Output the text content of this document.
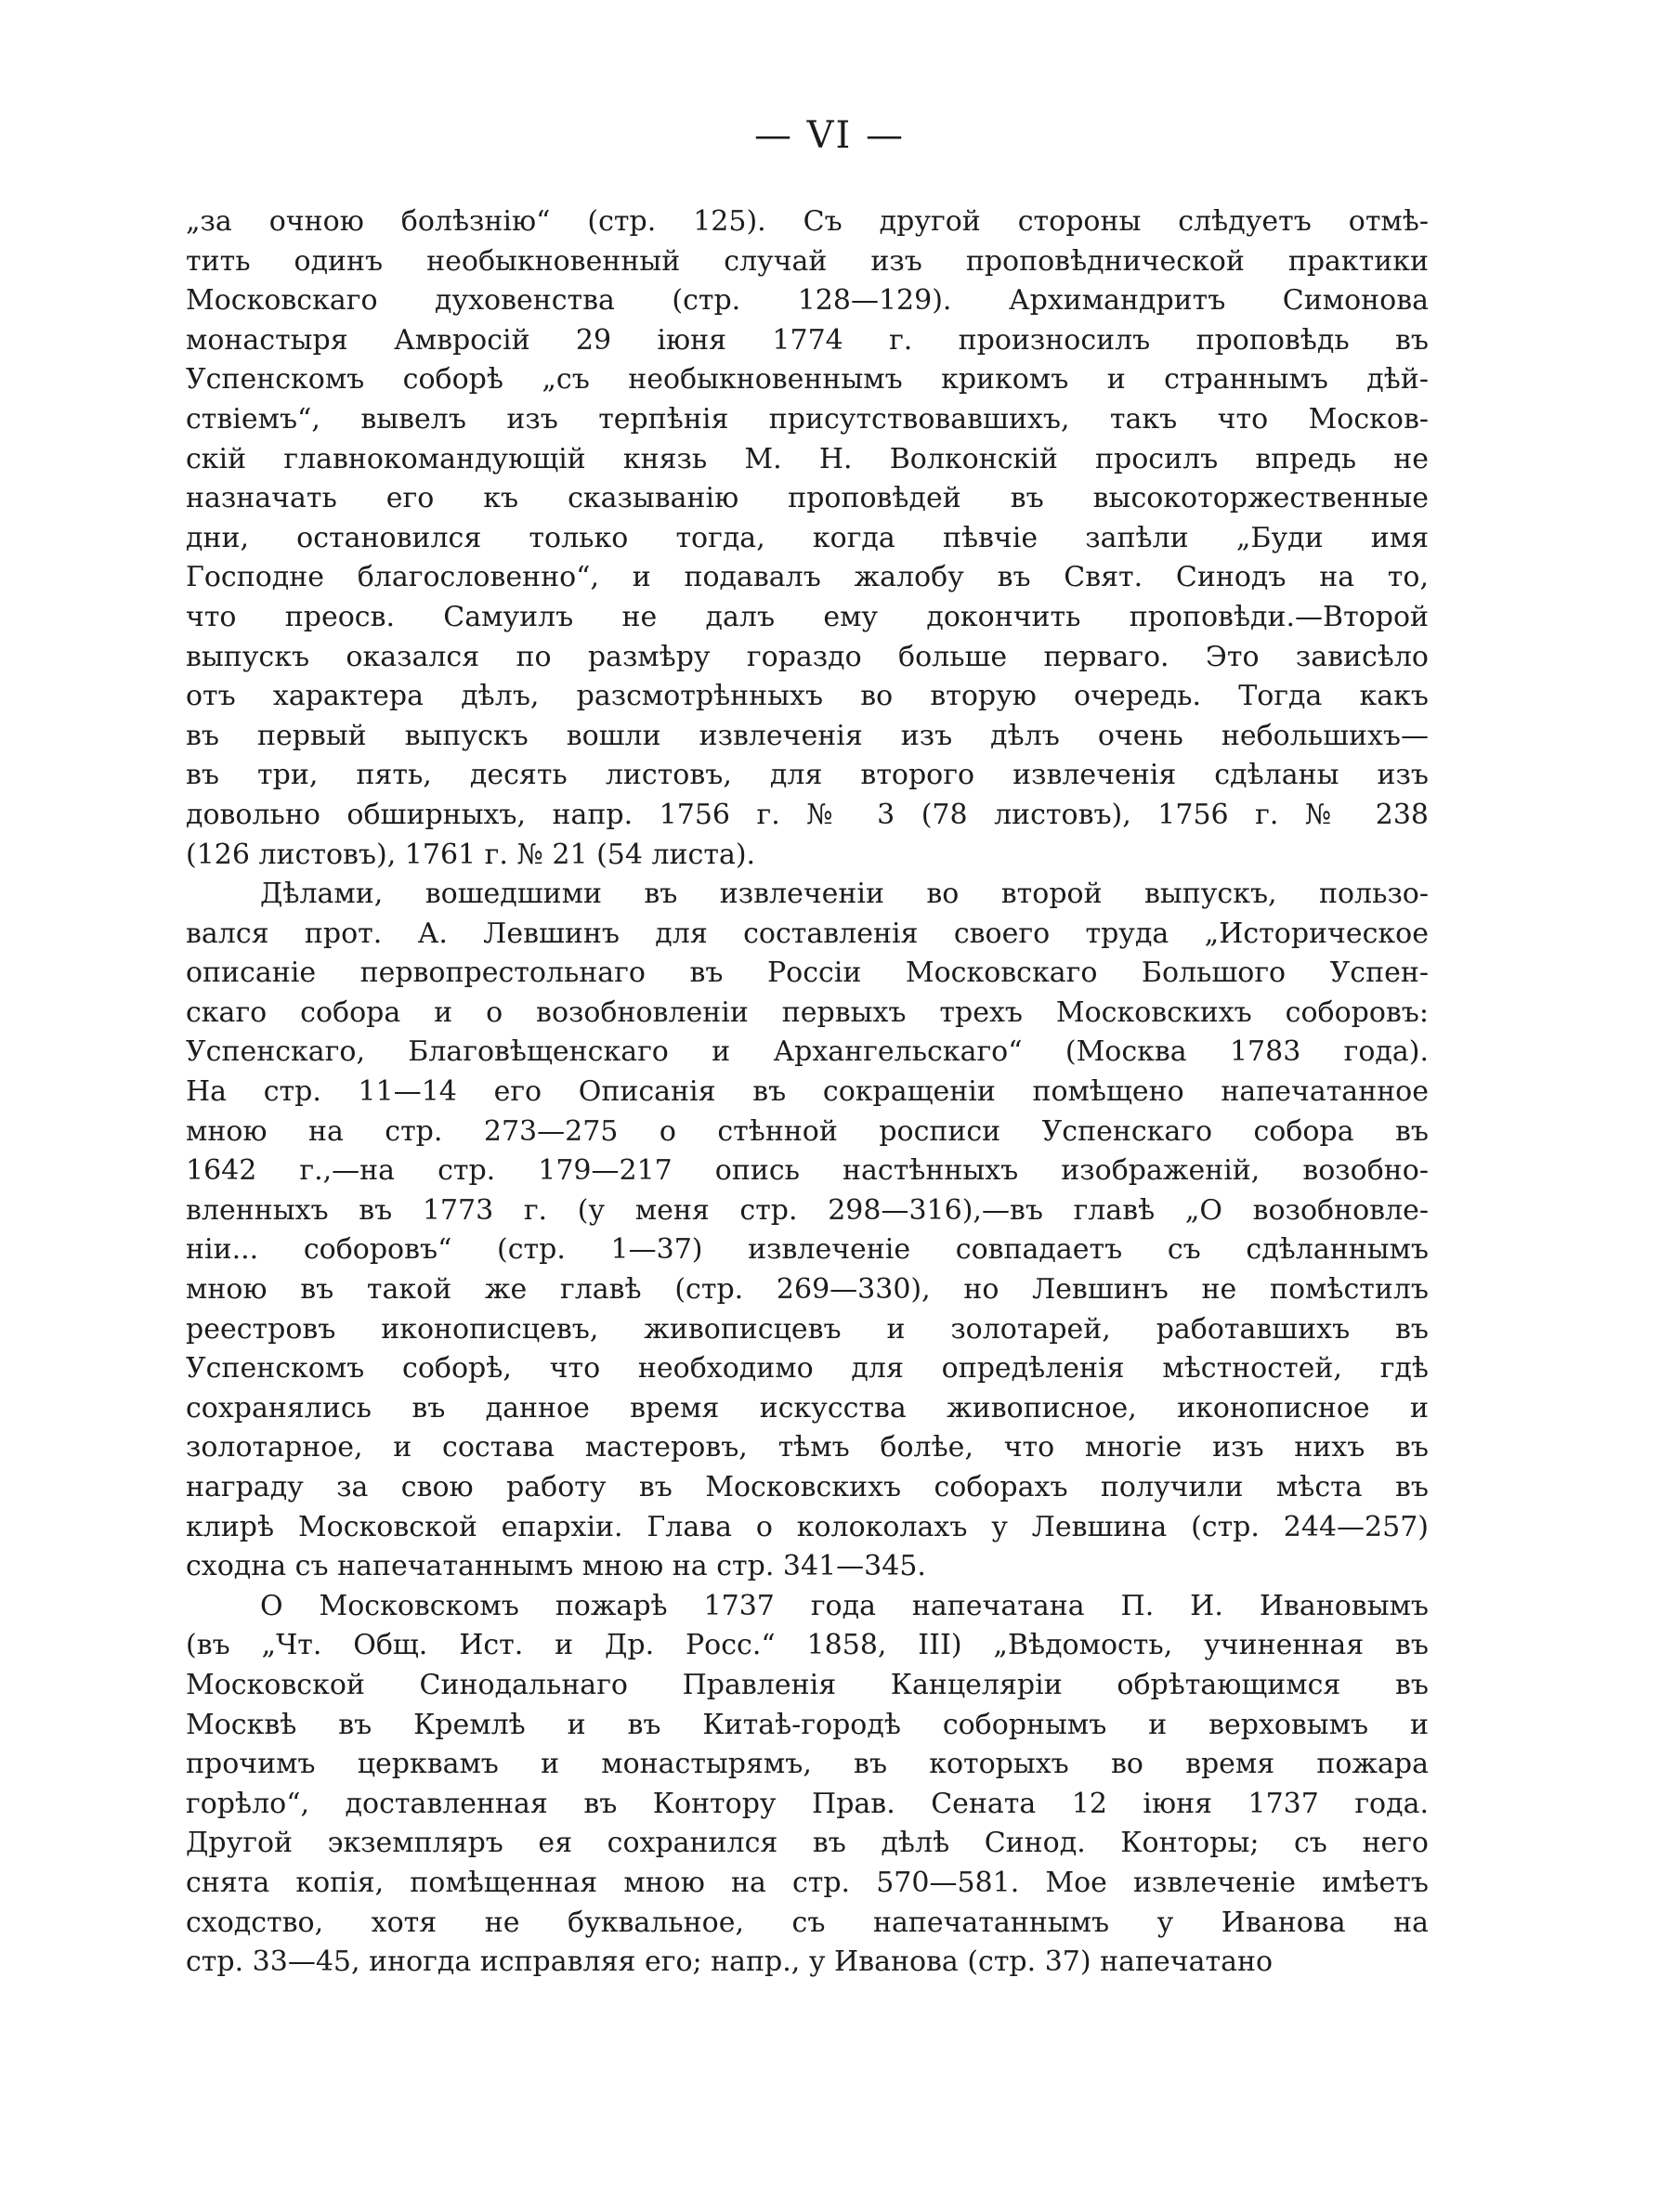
— VI —
„за очною болѣзнію“ (стр. 125). Съ другой стороны слѣдуетъ отмѣ-
тить одинъ необыкновенный случай изъ проповѣднической практики
Московскаго духовенства (стр. 128—129). Архимандритъ Симонова
монастыря Амвросій 29 іюня 1774 г. произносилъ проповѣдь въ
Успенскомъ соборѣ „съ необыкновеннымъ крикомъ и страннымъ дѣй-
ствіемъ“, вывелъ изъ терпѣнія присутствовавшихъ, такъ что Москов-
скій главнокомандующій князь М. Н. Волконскій просилъ впредь не
назначать его къ сказыванію проповѣдей въ высокоторжественные
дни, остановился только тогда, когда пѣвчіе запѣли „Буди имя
Господне благословенно“, и подавалъ жалобу въ Свят. Синодъ на то,
что преосв. Самуилъ не далъ ему докончить проповѣди.—Второй
выпускъ оказался по размѣру гораздо больше перваго. Это зависѣло
отъ характера дѣлъ, разсмотрѣнныхъ во вторую очередь. Тогда какъ
въ первый выпускъ вошли извлеченія изъ дѣлъ очень небольшихъ—
въ три, пять, десять листовъ, для второго извлеченія сдѣланы изъ
довольно обширныхъ, напр. 1756 г. № 3 (78 листовъ), 1756 г. № 238
(126 листовъ), 1761 г. № 21 (54 листа).
Дѣлами, вошедшими въ извлеченіи во второй выпускъ, пользо-
вался прот. А. Левшинъ для составленія своего труда „Историческое
описаніе первопрестольнаго въ Россіи Московскаго Большого Успен-
скаго собора и о возобновленіи первыхъ трехъ Московскихъ соборовъ:
Успенскаго, Благовѣщенскаго и Архангельскаго“ (Москва 1783 года).
На стр. 11—14 его Описанія въ сокращеніи помѣщено напечатанное
мною на стр. 273—275 о стѣнной росписи Успенскаго собора въ
1642 г.,—на стр. 179—217 опись настѣнныхъ изображеній, возобно-
вленныхъ въ 1773 г. (у меня стр. 298—316),—въ главѣ „О возобновле-
ніи... соборовъ“ (стр. 1—37) извлеченіе совпадаетъ съ сдѣланнымъ
мною въ такой же главѣ (стр. 269—330), но Левшинъ не помѣстилъ
реестровъ иконописцевъ, живописцевъ и золотарей, работавшихъ въ
Успенскомъ соборѣ, что необходимо для опредѣленія мѣстностей, гдѣ
сохранялись въ данное время искусства живописное, иконописное и
золотарное, и состава мастеровъ, тѣмъ болѣе, что многіе изъ нихъ въ
награду за свою работу въ Московскихъ соборахъ получили мѣста въ
клирѣ Московской епархіи. Глава о колоколахъ у Левшина (стр. 244—257)
сходна съ напечатаннымъ мною на стр. 341—345.
О Московскомъ пожарѣ 1737 года напечатана П. И. Ивановымъ
(въ „Чт. Общ. Ист. и Др. Росс.“ 1858, III) „Вѣдомость, учиненная въ
Московской Синодальнаго Правленія Канцеляріи обрѣтающимся въ
Москвѣ въ Кремлѣ и въ Китаѣ-городѣ соборнымъ и верховымъ и
прочимъ церквамъ и монастырямъ, въ которыхъ во время пожара
горѣло“, доставленная въ Контору Прав. Сената 12 іюня 1737 года.
Другой экземпляръ ея сохранился въ дѣлѣ Синод. Конторы; съ него
снята копія, помѣщенная мною на стр. 570—581. Мое извлеченіе имѣетъ
сходство, хотя не буквальное, съ напечатаннымъ у Иванова на
стр. 33—45, иногда исправляя его; напр., у Иванова (стр. 37) напечатано
